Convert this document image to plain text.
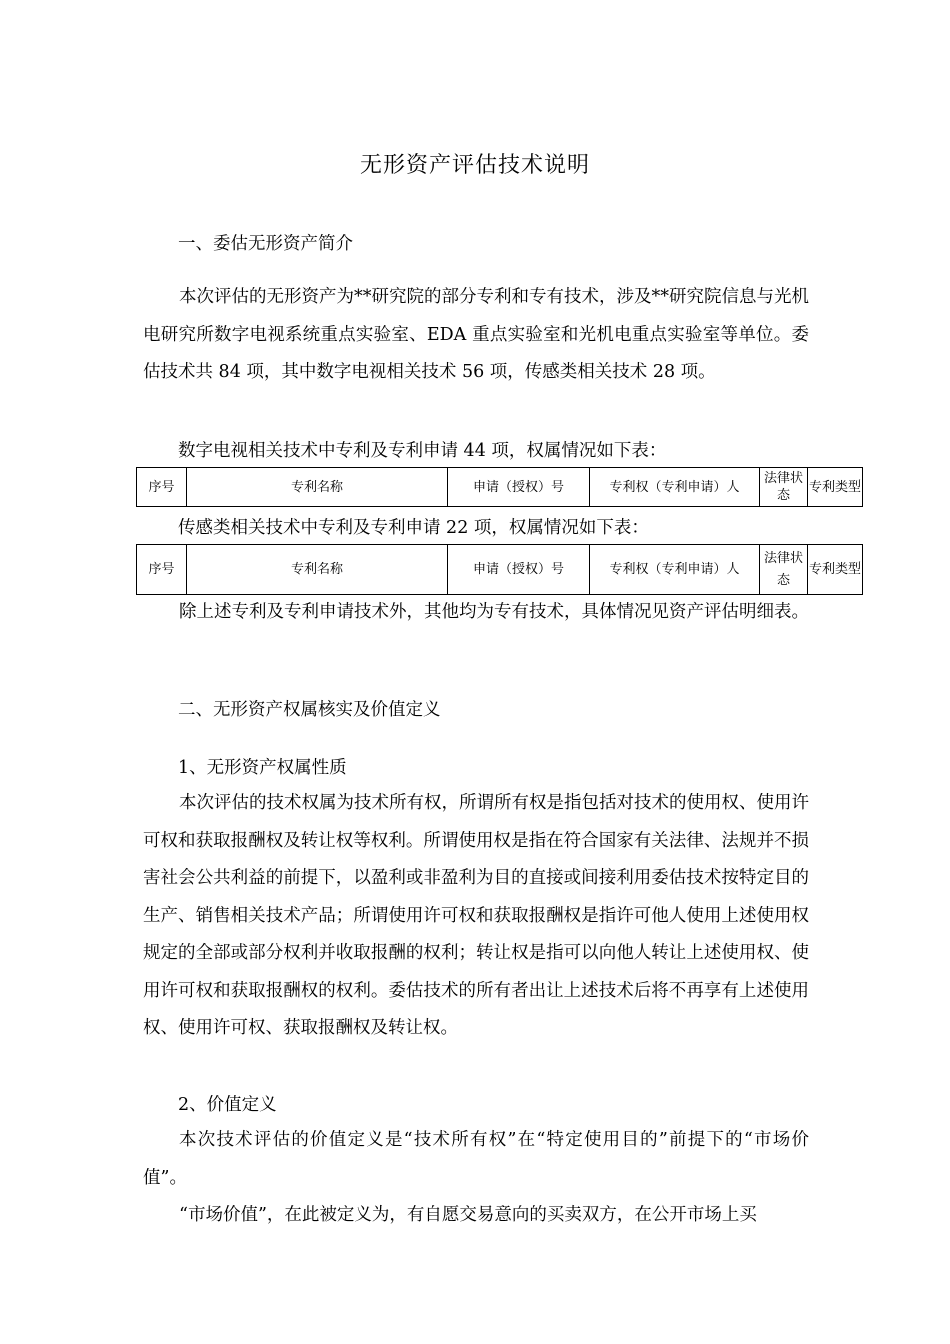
无形资产评估技术说明
一、委估无形资产简介
本次评估的无形资产为**研究院的部分专利和专有技术，涉及**研究院信息与光机电研究所数字电视系统重点实验室、EDA 重点实验室和光机电重点实验室等单位。委估技术共 84 项，其中数字电视相关技术 56 项，传感类相关技术 28 项。
数字电视相关技术中专利及专利申请 44 项，权属情况如下表：
序号	专利名称	申请（授权）号	专利权（专利申请）人	法律状态	专利类型
传感类相关技术中专利及专利申请 22 项，权属情况如下表：
序号	专利名称	申请（授权）号	专利权（专利申请）人	法律状态	专利类型
除上述专利及专利申请技术外，其他均为专有技术，具体情况见资产评估明细表。
二、无形资产权属核实及价值定义
1、无形资产权属性质
本次评估的技术权属为技术所有权，所谓所有权是指包括对技术的使用权、使用许可权和获取报酬权及转让权等权利。所谓使用权是指在符合国家有关法律、法规并不损害社会公共利益的前提下，以盈利或非盈利为目的直接或间接利用委估技术按特定目的生产、销售相关技术产品；所谓使用许可权和获取报酬权是指许可他人使用上述使用权规定的全部或部分权利并收取报酬的权利；转让权是指可以向他人转让上述使用权、使用许可权和获取报酬权的权利。委估技术的所有者出让上述技术后将不再享有上述使用权、使用许可权、获取报酬权及转让权。
2、价值定义
本次技术评估的价值定义是“技术所有权”在“特定使用目的”前提下的“市场价值”。
“市场价值”，在此被定义为，有自愿交易意向的买卖双方，在公开市场上买
